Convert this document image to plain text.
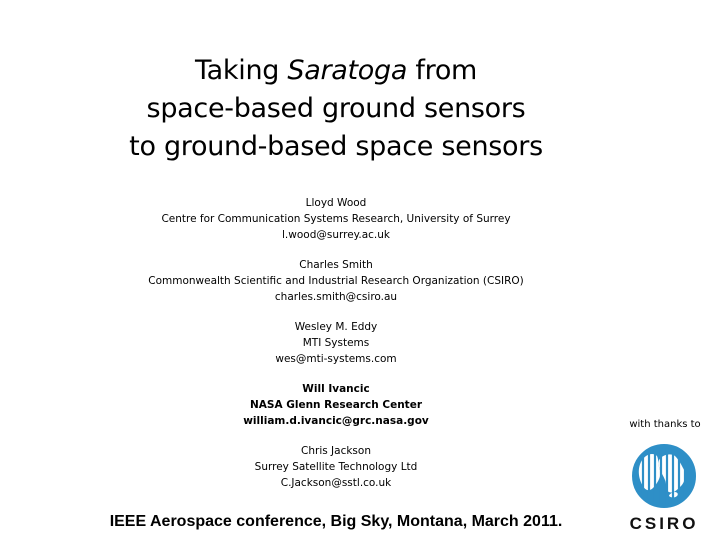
Taking Saratoga from
space-based ground sensors
to ground-based space sensors
Lloyd Wood
Centre for Communication Systems Research, University of Surrey
l.wood@surrey.ac.uk
Charles Smith
Commonwealth Scientific and Industrial Research Organization (CSIRO)
charles.smith@csiro.au
Wesley M. Eddy
MTI Systems
wes@mti-systems.com
Will Ivancic
NASA Glenn Research Center
william.d.ivancic@grc.nasa.gov
Chris Jackson
Surrey Satellite Technology Ltd
C.Jackson@sstl.co.uk
IEEE Aerospace conference, Big Sky, Montana, March 2011.
with thanks to
CSIRO
